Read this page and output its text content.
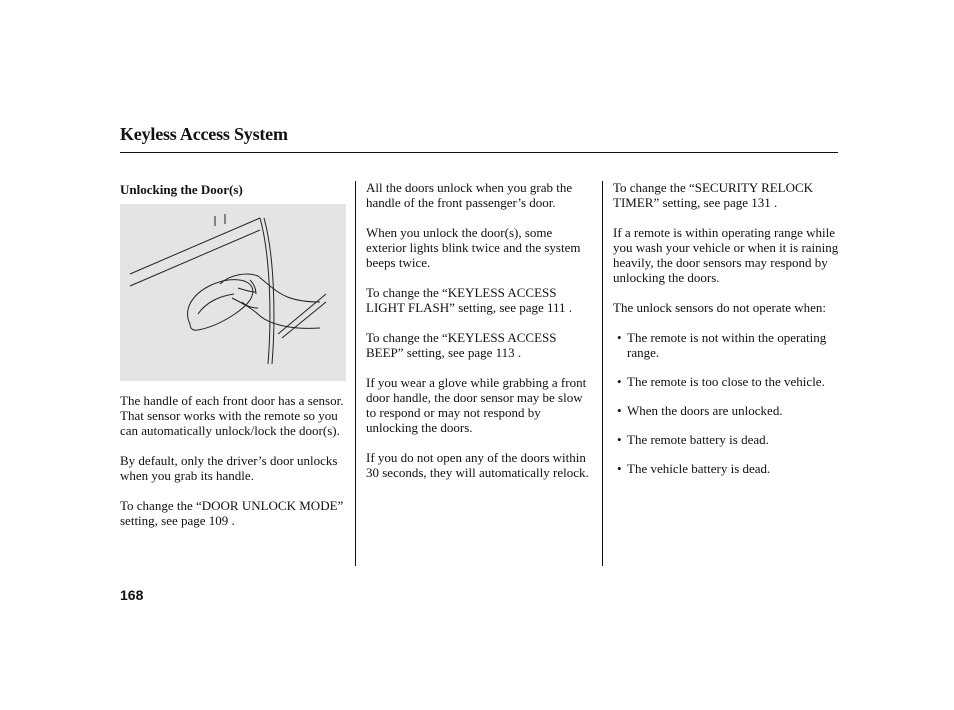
Keyless Access System
Unlocking the Door(s)

The handle of each front door has a sensor. That sensor works with the remote so you can automatically unlock/lock the door(s).

By default, only the driver’s door unlocks when you grab its handle.

To change the “DOOR UNLOCK MODE” setting, see page 109 .

All the doors unlock when you grab the handle of the front passenger’s door.

When you unlock the door(s), some exterior lights blink twice and the system beeps twice.

To change the “KEYLESS ACCESS LIGHT FLASH” setting, see page 111 .

To change the “KEYLESS ACCESS BEEP” setting, see page 113 .

If you wear a glove while grabbing a front door handle, the door sensor may be slow to respond or may not respond by unlocking the doors.

If you do not open any of the doors within 30 seconds, they will automatically relock.

To change the “SECURITY RELOCK TIMER” setting, see page 131 .

If a remote is within operating range while you wash your vehicle or when it is raining heavily, the door sensors may respond by unlocking the doors.

The unlock sensors do not operate when:

• The remote is not within the operating range.
• The remote is too close to the vehicle.
• When the doors are unlocked.
• The remote battery is dead.
• The vehicle battery is dead.
168
